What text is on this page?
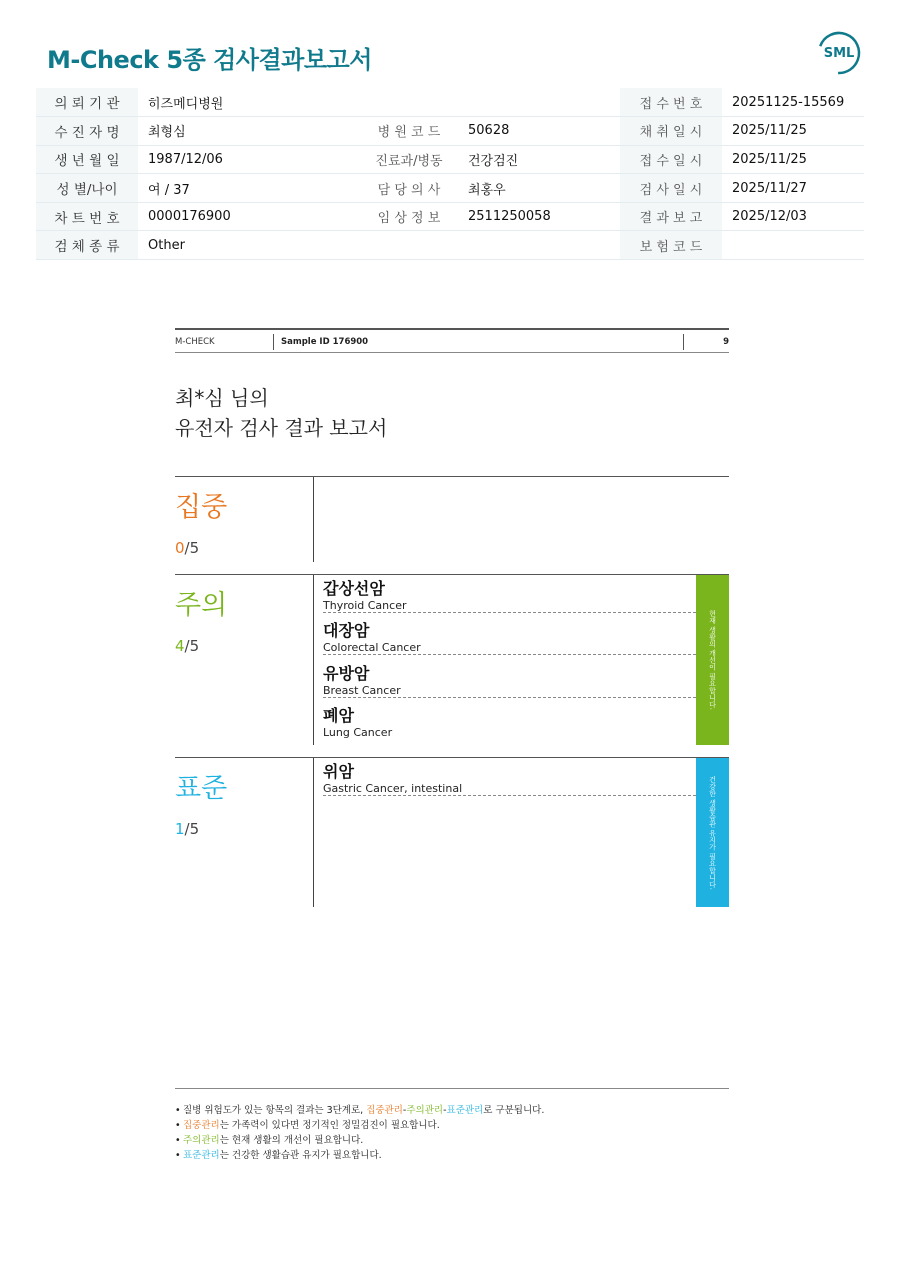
M-Check 5종 검사결과보고서	SML
의 뢰 기 관	히즈메디병원			접 수 번 호	20251125-15569
수 진 자 명	최형심	병 원 코 드	50628	채 취 일 시	2025/11/25
생 년 월 일	1987/12/06	진료과/병동	건강검진	접 수 일 시	2025/11/25
성 별/나이	여 / 37	담 당 의 사	최홍우	검 사 일 시	2025/11/27
차 트 번 호	0000176900	임 상 정 보	2511250058	결 과 보 고	2025/12/03
검 체 종 류	Other			보 험 코 드	
M-CHECK	Sample ID 176900	9
최*심 님의
유전자 검사 결과 보고서
집중
0/5
주의
4/5
갑상선암
Thyroid Cancer
대장암
Colorectal Cancer
유방암
Breast Cancer
폐암
Lung Cancer
현재 생활의 개선이 필요합니다.
표준
1/5
위암
Gastric Cancer, intestinal	건강한 생활습관 유지가 필요합니다.
• 질병 위험도가 있는 항목의 결과는 3단계로, 집중관리-주의관리-표준관리로 구분됩니다.
• 집중관리는 가족력이 있다면 정기적인 정밀검진이 필요합니다.
• 주의관리는 현재 생활의 개선이 필요합니다.
• 표준관리는 건강한 생활습관 유지가 필요합니다.
